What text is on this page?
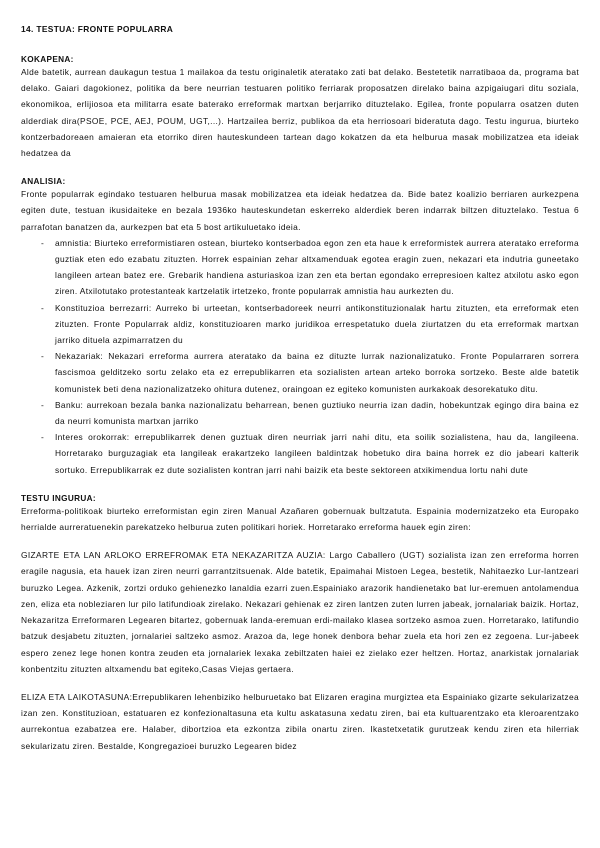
14. TESTUA: FRONTE POPULARRA
KOKAPENA:

Alde batetik, aurrean daukagun testua 1 mailakoa da testu originaletik ateratako zati bat delako. Bestetetik narratibaoa da, programa bat delako. Gaiari dagokionez, politika da bere neurrian testuaren politiko ferriarak proposatzen direlako baina azpigaiugari ditu soziala, ekonomikoa, erlijiosoa eta militarra esate baterako erreformak martxan berjarriko dituztelako. Egilea, fronte popularra osatzen duten alderdiak dira(PSOE, PCE, AEJ, POUM, UGT,...). Hartzailea berriz, publikoa da eta herriosoari bideratuta dago. Testu ingurua, biurteko kontzerbadoreaen amaieran eta etorriko diren hauteskundeen tartean dago kokatzen da eta helburua masak mobilizatzea eta ideiak hedatzea da

ANALISIA:

Fronte popularrak egindako testuaren helburua masak mobilizatzea eta ideiak hedatzea da. Bide batez koalizio berriaren aurkezpena egiten dute, testuan ikusidaiteke en bezala 1936ko hauteskundetan eskerreko alderdiek beren indarrak biltzen dituztelako. Testua 6 parrafotan banatzen da, aurkezpen bat eta 5 bost artikuluetako ideia.

- amnistia: Biurteko erreformistiaren ostean, biurteko kontserbadoa egon zen eta haue k erreformistek aurrera ateratako erreforma guztiak eten edo ezabatu zituzten. Horrek espainian zehar altxamenduak egotea eragin zuen, nekazari eta indutria guneetako langileen artean batez ere. Grebarik handiena asturiaskoa izan zen eta bertan egondako errepresioen kaltez atxilotu asko egon ziren. Atxilotutako protestanteak kartzelatik irtetzeko, fronte popularrak amnistia hau aurkezten du.
- Konstituzioa berrezarri: Aurreko bi urteetan, kontserbadoreek neurri antikonstituzionalak hartu zituzten, eta erreformak eten zituzten. Fronte Popularrak aldiz, konstituzioaren marko juridikoa errespetatuko duela ziurtatzen du eta erreformak martxan jarriko dituela azpimarratzen du
- Nekazariak: Nekazari erreforma aurrera ateratako da baina ez dituzte lurrak nazionalizatuko. Fronte Popularraren sorrera fascismoa gelditzeko sortu zelako eta ez errepublikarren eta sozialisten artean arteko borroka sortzeko. Beste alde batetik komunistek beti dena nazionalizatzeko ohitura dutenez, oraingoan ez egiteko komunisten aurkakoak desorekatuko ditu.
- Banku: aurrekoan bezala banka nazionalizatu beharrean, benen guztiuko neurria izan dadin, hobekuntzak egingo dira baina ez da neurri komunista martxan jarriko
- Interes orokorrak: errepublikarrek denen guztuak diren neurriak jarri nahi ditu, eta soilik sozialistena, hau da, langileena. Horretarako burguzagiak eta langileak erakartzeko langileen baldintzak hobetuko dira baina horrek ez dio jabeari kalterik sortuko. Errepublikarrak ez dute sozialisten kontran jarri nahi baizik eta beste sektoreen atxikimendua lortu nahi dute
TESTU INGURUA:

Erreforma-politikoak biurteko erreformistan egin ziren Manual Azañaren gobernuak bultzatuta. Espainia modernizatzeko eta Europako herrialde aurreratuenekin parekatzeko helburua zuten politikari horiek. Horretarako erreforma hauek egin ziren:

GIZARTE ETA LAN ARLOKO ERREFROMAK ETA NEKAZARITZA AUZIA: Largo Caballero (UGT) sozialista izan zen erreforma horren eragile nagusia, eta hauek izan ziren neurri garrantzitsuenak. Alde batetik, Epaimahai Mistoen Legea, bestetik, Nahitaezko Lur-lantzeari buruzko Legea. Azkenik, zortzi orduko gehienezko lanaldia ezarri zuen.Espainiako arazorik handienetako bat lur-eremuen antolamendua zen, eliza eta nobleziaren lur pilo latifundioak zirelako. Nekazari gehienak ez ziren lantzen zuten lurren jabeak, jornalariak baizik. Hortaz, Nekazaritza Erreformaren Legearen bitartez, gobernuak landa-eremuan erdi-mailako klasea sortzeko asmoa zuen. Horretarako, latifundio batzuk desjabetu zituzten, jornalariei saltzeko asmoz. Arazoa da, lege honek denbora behar zuela eta hori zen ez zegoena. Lur-jabeek espero zenez lege honen kontra zeuden eta jornalariek lexaka zebiltzaten haiei ez zielako ezer heltzen. Hortaz, anarkistak jornalariak konbentzitu zituzten altxamendu bat egiteko,Casas Viejas gertaera.

ELIZA ETA LAIKOTASUNA:Errepublikaren lehenbiziko helburuetako bat Elizaren eragina murgiztea eta Espainiako gizarte sekularizatzea izan zen. Konstituzioan, estatuaren ez konfezionaltasuna eta kultu askatasuna xedatu ziren, bai eta kultuarentzako eta kleroarentzako aurrekontua ezabatzea ere. Halaber, dibortzioa eta ezkontza zibila onartu ziren. Ikastetxetatik gurutzeak kendu ziren eta hilerriak sekularizatu ziren. Bestalde, Kongregazioei buruzko Legearen bidez
